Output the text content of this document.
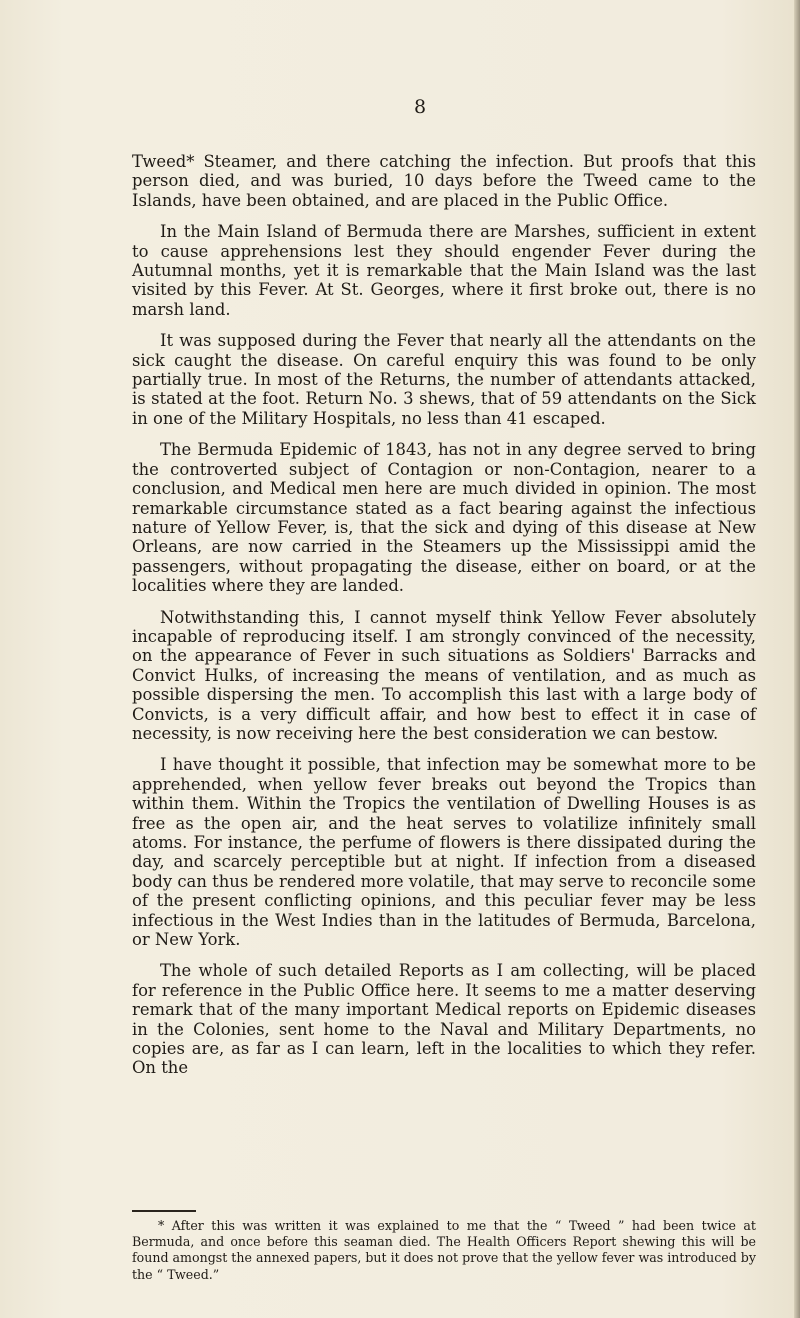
8

Tweed* Steamer, and there catching the infection. But proofs that this person died, and was buried, 10 days before the Tweed came to the Islands, have been obtained, and are placed in the Public Office.

In the Main Island of Bermuda there are Marshes, sufficient in extent to cause apprehensions lest they should engender Fever during the Autumnal months, yet it is remarkable that the Main Island was the last visited by this Fever. At St. Georges, where it first broke out, there is no marsh land.

It was supposed during the Fever that nearly all the attendants on the sick caught the disease. On careful enquiry this was found to be only partially true. In most of the Returns, the number of attendants attacked, is stated at the foot. Return No. 3 shews, that of 59 attendants on the Sick in one of the Military Hospitals, no less than 41 escaped.

The Bermuda Epidemic of 1843, has not in any degree served to bring the controverted subject of Contagion or non-Contagion, nearer to a conclusion, and Medical men here are much divided in opinion. The most remarkable circumstance stated as a fact bearing against the infectious nature of Yellow Fever, is, that the sick and dying of this disease at New Orleans, are now carried in the Steamers up the Mississippi amid the passengers, without propagating the disease, either on board, or at the localities where they are landed.

Notwithstanding this, I cannot myself think Yellow Fever absolutely incapable of reproducing itself. I am strongly convinced of the necessity, on the appearance of Fever in such situations as Soldiers' Barracks and Convict Hulks, of increasing the means of ventilation, and as much as possible dispersing the men. To accomplish this last with a large body of Convicts, is a very difficult affair, and how best to effect it in case of necessity, is now receiving here the best consideration we can bestow.

I have thought it possible, that infection may be somewhat more to be apprehended, when yellow fever breaks out beyond the Tropics than within them. Within the Tropics the ventilation of Dwelling Houses is as free as the open air, and the heat serves to volatilize infinitely small atoms. For instance, the perfume of flowers is there dissipated during the day, and scarcely perceptible but at night. If infection from a diseased body can thus be rendered more volatile, that may serve to reconcile some of the present conflicting opinions, and this peculiar fever may be less infectious in the West Indies than in the latitudes of Bermuda, Barcelona, or New York.

The whole of such detailed Reports as I am collecting, will be placed for reference in the Public Office here. It seems to me a matter deserving remark that of the many important Medical reports on Epidemic diseases in the Colonies, sent home to the Naval and Military Departments, no copies are, as far as I can learn, left in the localities to which they refer. On the

* After this was written it was explained to me that the “ Tweed ” had been twice at Bermuda, and once before this seaman died. The Health Officers Report shewing this will be found amongst the annexed papers, but it does not prove that the yellow fever was introduced by the “ Tweed.”
